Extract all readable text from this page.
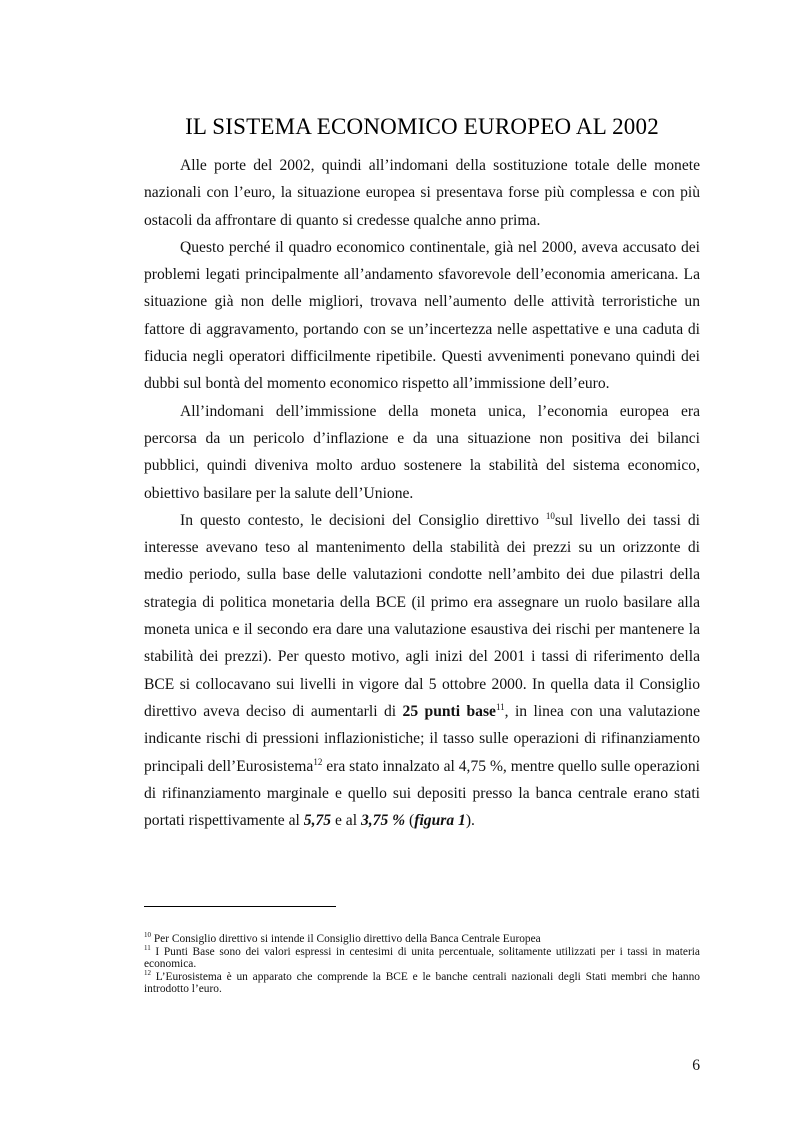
IL SISTEMA ECONOMICO EUROPEO AL 2002

Alle porte del 2002, quindi all’indomani della sostituzione totale delle monete nazionali con l’euro, la situazione europea si presentava forse più complessa e con più ostacoli da affrontare di quanto si credesse qualche anno prima.

Questo perché il quadro economico continentale, già nel 2000, aveva accusato dei problemi legati principalmente all’andamento sfavorevole dell’economia americana. La situazione già non delle migliori, trovava nell’aumento delle attività terroristiche un fattore di aggravamento, portando con se un’incertezza nelle aspettative e una caduta di fiducia negli operatori difficilmente ripetibile. Questi avvenimenti ponevano quindi dei dubbi sul bontà del momento economico rispetto all’immissione dell’euro.

All’indomani dell’immissione della moneta unica, l’economia europea era percorsa da un pericolo d’inflazione e da una situazione non positiva dei bilanci pubblici, quindi diveniva molto arduo sostenere la stabilità del sistema economico, obiettivo basilare per la salute dell’Unione.

In questo contesto, le decisioni del Consiglio direttivo $^{10}$sul livello dei tassi di interesse avevano teso al mantenimento della stabilità dei prezzi su un orizzonte di medio periodo, sulla base delle valutazioni condotte nell’ambito dei due pilastri della strategia di politica monetaria della BCE (il primo era assegnare un ruolo basilare alla moneta unica e il secondo era dare una valutazione esaustiva dei rischi per mantenere la stabilità dei prezzi). Per questo motivo, agli inizi del 2001 i tassi di riferimento della BCE si collocavano sui livelli in vigore dal 5 ottobre 2000. In quella data il Consiglio direttivo aveva deciso di aumentarli di 25 punti base$^{11}$, in linea con una valutazione indicante rischi di pressioni inflazionistiche; il tasso sulle operazioni di rifinanziamento principali dell’Eurosistema$^{12}$ era stato innalzato al 4,75 %, mentre quello sulle operazioni di rifinanziamento marginale e quello sui depositi presso la banca centrale erano stati portati rispettivamente al 5,75 e al 3,75 % (figura 1).

$^{10}$ Per Consiglio direttivo si intende il Consiglio direttivo della Banca Centrale Europea

$^{11}$ I Punti Base sono dei valori espressi in centesimi di unita percentuale, solitamente utilizzati per i tassi in materia economica.

$^{12}$ L’Eurosistema è un apparato che comprende la BCE e le banche centrali nazionali degli Stati membri che hanno introdotto l’euro.

6
